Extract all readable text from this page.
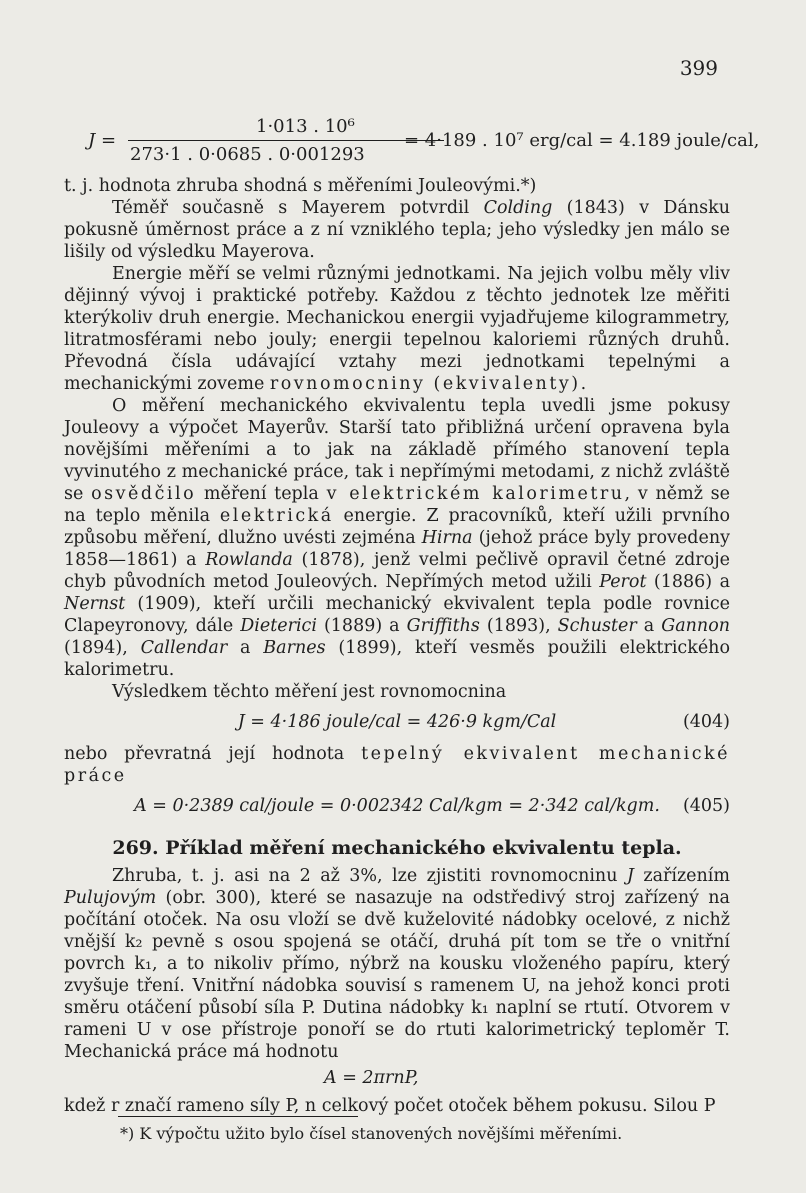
399
J =
1·013 . 10⁶
273·1 . 0·0685 . 0·001293
= 4·189 . 10⁷ erg/cal = 4.189 joule/cal,

t. j. hodnota zhruba shodná s měřeními Jouleovými.*)
Téměř současně s Mayerem potvrdil Colding (1843) v Dánsku pokusně úměrnost práce a z ní vzniklého tepla; jeho výsledky jen málo se lišily od výsledku Mayerova.

Energie měří se velmi různými jednotkami. Na jejich volbu měly vliv dějinný vývoj i praktické potřeby. Každou z těchto jednotek lze měřiti kterýkoliv druh energie. Mechanickou energii vyjadřujeme kilogrammetry, litratmosférami nebo jouly; energii tepelnou kaloriemi různých druhů. Převodná čísla udávající vztahy mezi jednotkami tepelnými a mechanickými zoveme rovnomocniny (ekvivalenty).

O měření mechanického ekvivalentu tepla uvedli jsme pokusy Jouleovy a výpočet Mayerův. Starší tato přibližná určení opravena byla novějšími měřeními a to jak na základě přímého stanovení tepla vyvinutého z mechanické práce, tak i nepřímými metodami, z nichž zvláště se osvědčilo měření tepla v elektrickém kalorimetru, v němž se na teplo měnila elektrická energie. Z pracovníků, kteří užili prvního způsobu měření, dlužno uvésti zejména Hirna (jehož práce byly provedeny 1858—1861) a Rowlanda (1878), jenž velmi pečlivě opravil četné zdroje chyb původních metod Jouleových. Nepřímých metod užili Perot (1886) a Nernst (1909), kteří určili mechanický ekvivalent tepla podle rovnice Clapeyronovy, dále Dieterici (1889) a Griffiths (1893), Schuster a Gannon (1894), Callendar a Barnes (1899), kteří vesměs použili elektrického kalorimetru.

Výsledkem těchto měření jest rovnomocnina

J = 4·186 joule/cal = 426·9 kgm/Cal	(404)

nebo převratná její hodnota tepelný ekvivalent mechanické práce

A = 0·2389 cal/joule = 0·002342 Cal/kgm = 2·342 cal/kgm.	(405)
269. Příklad měření mechanického ekvivalentu tepla.

Zhruba, t. j. asi na 2 až 3%, lze zjistiti rovnomocninu J zařízením Pulujovým (obr. 300), které se nasazuje na odstředivý stroj zařízený na počítání otoček. Na osu vloží se dvě kuželovité nádobky ocelové, z nichž vnější k₂ pevně s osou spojená se otáčí, druhá pít tom se tře o vnitřní povrch k₁, a to nikoliv přímo, nýbrž na kousku vloženého papíru, který zvyšuje tření. Vnitřní nádobka souvisí s ramenem U, na jehož konci proti směru otáčení působí síla P. Dutina nádobky k₁ naplní se rtutí. Otvorem v rameni U v ose přístroje ponoří se do rtuti kalorimetrický teploměr T. Mechanická práce má hodnotu

A = 2πrnP,

kdež r značí rameno síly P, n celkový počet otoček během pokusu. Silou P

*) K výpočtu užito bylo čísel stanovených novějšími měřeními.
